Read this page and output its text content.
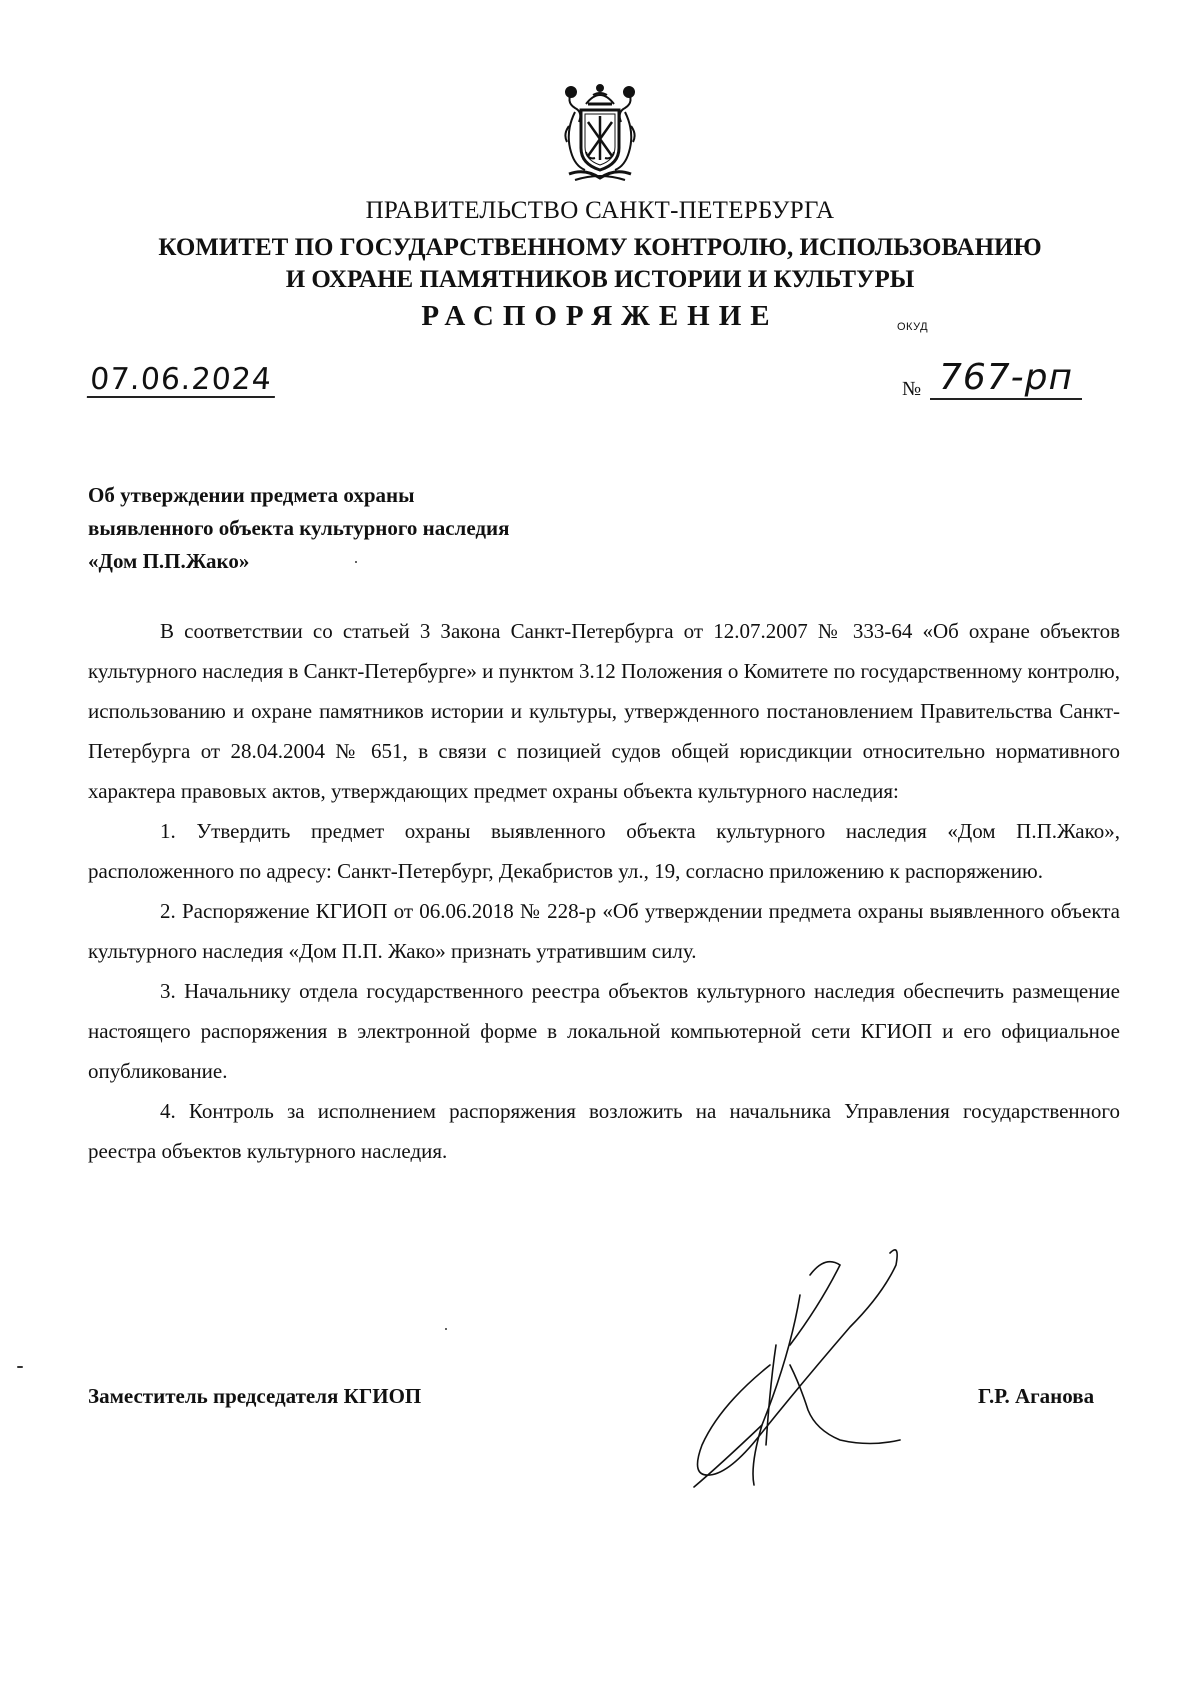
ПРАВИТЕЛЬСТВО САНКТ-ПЕТЕРБУРГА
КОМИТЕТ ПО ГОСУДАРСТВЕННОМУ КОНТРОЛЮ, ИСПОЛЬЗОВАНИЮ
И ОХРАНЕ ПАМЯТНИКОВ ИСТОРИИ И КУЛЬТУРЫ
РАСПОРЯЖЕНИЕ	ОКУД
07.06.2024	№ 767-рп
Об утверждении предмета охраны
выявленного объекта культурного наследия
«Дом П.П.Жако»

В соответствии со статьей 3 Закона Санкт-Петербурга от 12.07.2007 № 333-64 «Об охране объектов культурного наследия в Санкт-Петербурге» и пунктом 3.12 Положения о Комитете по государственному контролю, использованию и охране памятников истории и культуры, утвержденного постановлением Правительства Санкт-Петербурга от 28.04.2004 № 651, в связи с позицией судов общей юрисдикции относительно нормативного характера правовых актов, утверждающих предмет охраны объекта культурного наследия:

1. Утвердить предмет охраны выявленного объекта культурного наследия «Дом П.П.Жако», расположенного по адресу: Санкт-Петербург, Декабристов ул., 19, согласно приложению к распоряжению.

2. Распоряжение КГИОП от 06.06.2018 № 228-р «Об утверждении предмета охраны выявленного объекта культурного наследия «Дом П.П. Жако» признать утратившим силу.

3. Начальнику отдела государственного реестра объектов культурного наследия обеспечить размещение настоящего распоряжения в электронной форме в локальной компьютерной сети КГИОП и его официальное опубликование.

4. Контроль за исполнением распоряжения возложить на начальника Управления государственного реестра объектов культурного наследия.

Заместитель председателя КГИОП	Г.Р. Аганова
